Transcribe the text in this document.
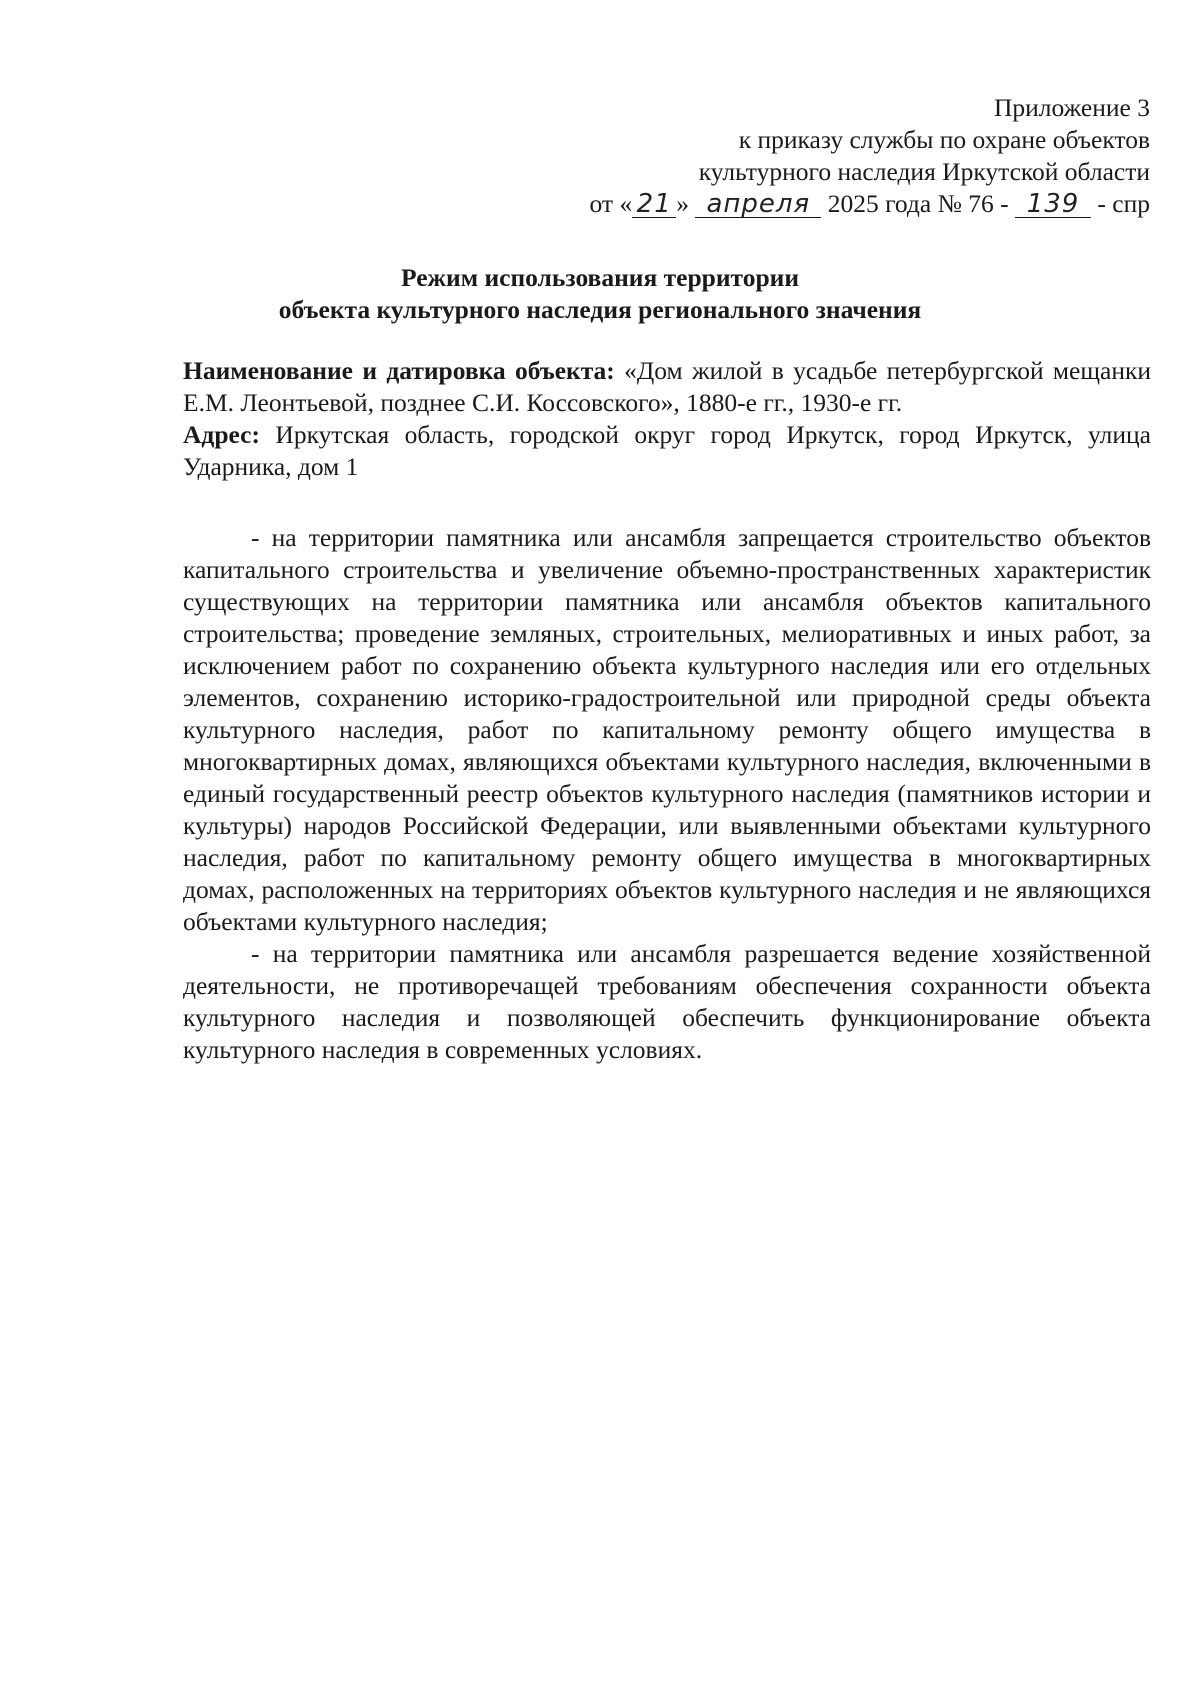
Приложение 3
к приказу службы по охране объектов
культурного наследия Иркутской области
от « 21 » апреля 2025 года № 76 - 139 - спр
Режим использования территории
объекта культурного наследия регионального значения

Наименование и датировка объекта: «Дом жилой в усадьбе петербургской мещанки Е.М. Леонтьевой, позднее С.И. Коссовского», 1880-е гг., 1930-е гг.

Адрес: Иркутская область, городской округ город Иркутск, город Иркутск, улица Ударника, дом 1

- на территории памятника или ансамбля запрещается строительство объектов капитального строительства и увеличение объемно-пространственных характеристик существующих на территории памятника или ансамбля объектов капитального строительства; проведение земляных, строительных, мелиоративных и иных работ, за исключением работ по сохранению объекта культурного наследия или его отдельных элементов, сохранению историко-градостроительной или природной среды объекта культурного наследия, работ по капитальному ремонту общего имущества в многоквартирных домах, являющихся объектами культурного наследия, включенными в единый государственный реестр объектов культурного наследия (памятников истории и культуры) народов Российской Федерации, или выявленными объектами культурного наследия, работ по капитальному ремонту общего имущества в многоквартирных домах, расположенных на территориях объектов культурного наследия и не являющихся объектами культурного наследия;

- на территории памятника или ансамбля разрешается ведение хозяйственной деятельности, не противоречащей требованиям обеспечения сохранности объекта культурного наследия и позволяющей обеспечить функционирование объекта культурного наследия в современных условиях.
